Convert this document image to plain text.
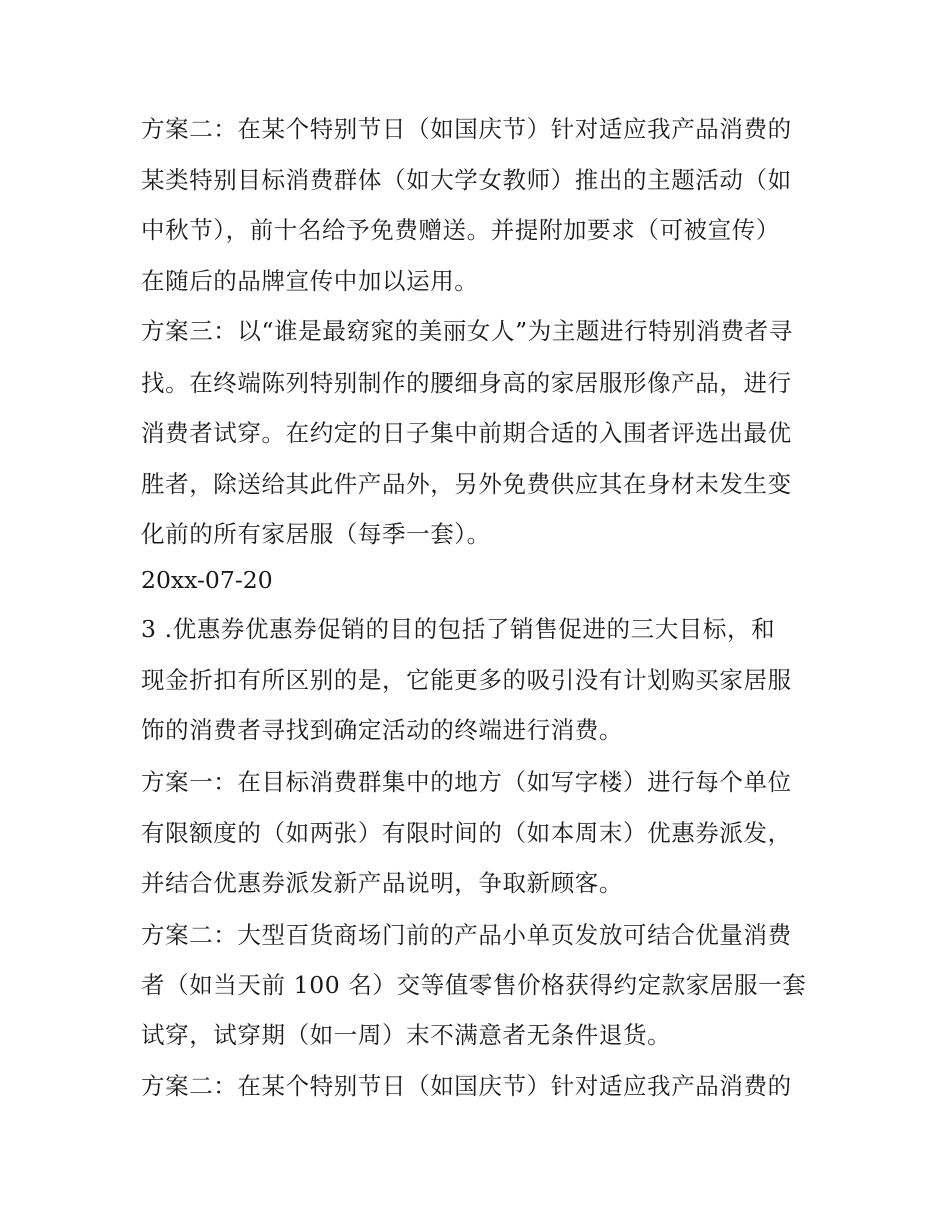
方案二：在某个特别节日（如国庆节）针对适应我产品消费的
某类特别目标消费群体（如大学女教师）推出的主题活动（如
中秋节），前十名给予免费赠送。并提附加要求（可被宣传）
在随后的品牌宣传中加以运用。
方案三：以“谁是最窈窕的美丽女人”为主题进行特别消费者寻
找。在终端陈列特别制作的腰细身高的家居服形像产品，进行
消费者试穿。在约定的日子集中前期合适的入围者评选出最优
胜者，除送给其此件产品外，另外免费供应其在身材未发生变
化前的所有家居服（每季一套）。
20xx-07-20
3 .优惠券优惠券促销的目的包括了销售促进的三大目标，和
现金折扣有所区别的是，它能更多的吸引没有计划购买家居服
饰的消费者寻找到确定活动的终端进行消费。
方案一：在目标消费群集中的地方（如写字楼）进行每个单位
有限额度的（如两张）有限时间的（如本周末）优惠券派发，
并结合优惠券派发新产品说明，争取新顾客。
方案二：大型百货商场门前的产品小单页发放可结合优量消费
者（如当天前 100 名）交等值零售价格获得约定款家居服一套
试穿，试穿期（如一周）末不满意者无条件退货。
方案二：在某个特别节日（如国庆节）针对适应我产品消费的
